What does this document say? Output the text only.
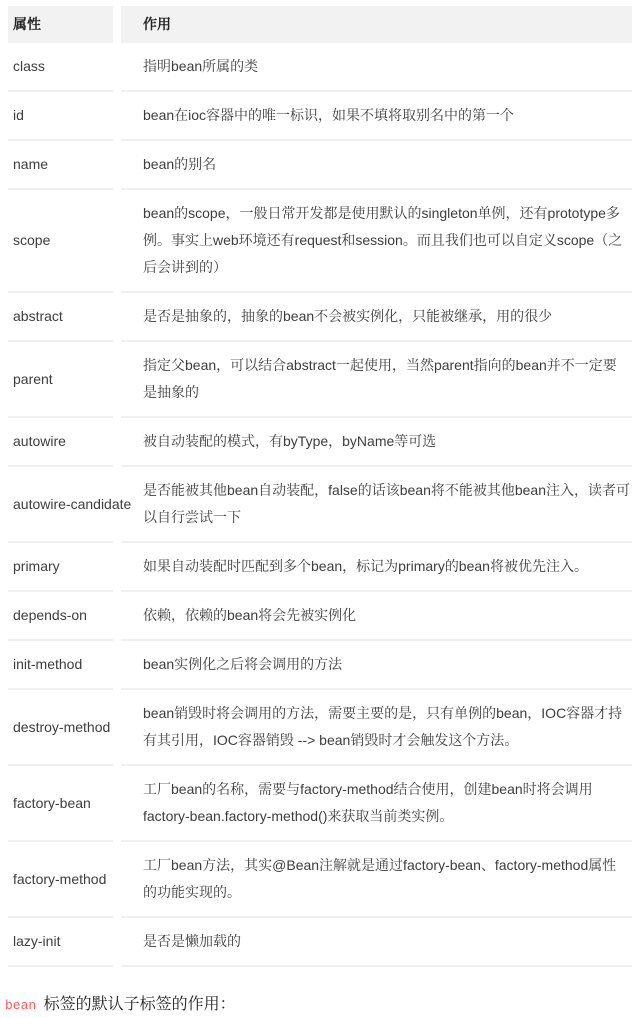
属性	作用
class	指明bean所属的类
id	bean在ioc容器中的唯一标识，如果不填将取别名中的第一个
name	bean的别名
scope	bean的scope，一般日常开发都是使用默认的singleton单例，还有prototype多例。事实上web环境还有request和session。而且我们也可以自定义scope（之后会讲到的）
abstract	是否是抽象的，抽象的bean不会被实例化，只能被继承，用的很少
parent	指定父bean，可以结合abstract一起使用，当然parent指向的bean并不一定要是抽象的
autowire	被自动装配的模式，有byType，byName等可选
autowire-candidate	是否能被其他bean自动装配，false的话该bean将不能被其他bean注入，读者可以自行尝试一下
primary	如果自动装配时匹配到多个bean，标记为primary的bean将被优先注入。
depends-on	依赖，依赖的bean将会先被实例化
init-method	bean实例化之后将会调用的方法
destroy-method	bean销毁时将会调用的方法，需要主要的是，只有单例的bean，IOC容器才持有其引用，IOC容器销毁 --> bean销毁时才会触发这个方法。
factory-bean	工厂bean的名称，需要与factory-method结合使用，创建bean时将会调用factory-bean.factory-method()来获取当前类实例。
factory-method	工厂bean方法，其实@Bean注解就是通过factory-bean、factory-method属性的功能实现的。
lazy-init	是否是懒加载的

bean 标签的默认子标签的作用：
